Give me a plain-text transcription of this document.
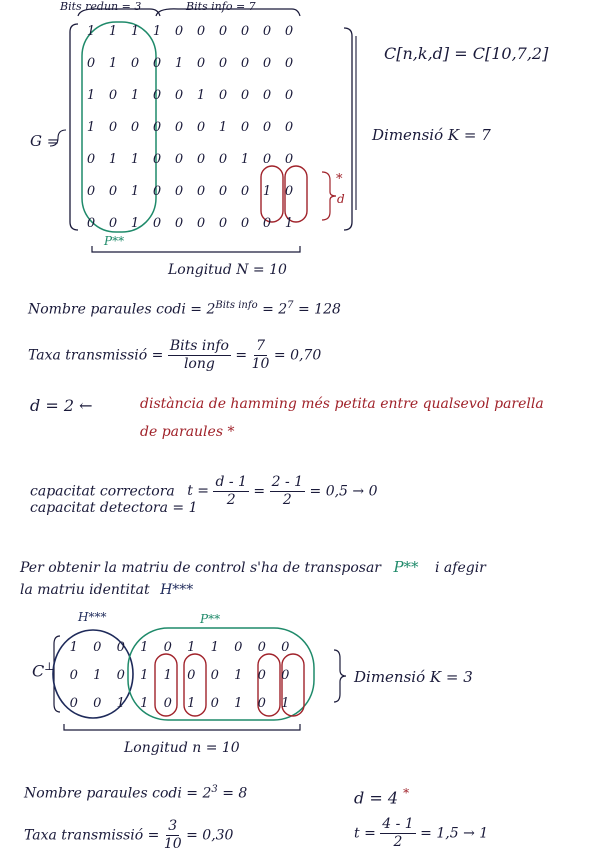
Bits redun = 3	Bits info = 7
G =
1 1 1 1 0 0 0 0 0 0
0 1 0 0 1 0 0 0 0 0
1 0 1 0 0 1 0 0 0 0
1 0 0 0 0 0 1 0 0 0
0 1 1 0 0 0 0 1 0 0
0 0 1 0 0 0 0 0 1 0
0 0 1 0 0 0 0 0 0 1
P**
*
d
C[n,k,d] = C[10,7,2]
Dimensió K = 7
Longitud N = 10
Nombre paraules codi = $2^{Bits info} = 2^7 = 128$
Taxa transmissió = $\frac{\text{Bits info}}{\text{long}} = \frac{7}{10} = 0,70$
d = 2 ←	distància de hamming més petita entre qualsevol parella
de paraules *
capacitat correctora $t = \frac{d - 1}{2} = \frac{2 - 1}{2} = 0,5 \to 0$
capacitat detectora = 1
Per obtenir la matriu de control s'ha de transposar P** i afegir
la matriu identitat H***
C⊥
H***	P**
1 0 0 1 0 1 1 0 0 0
0 1 0 1 1 0 0 1 0 0
0 0 1 1 0 1 0 1 0 1
Dimensió K = 3
Longitud n = 10
Nombre paraules codi = $2^3 = 8$	d = 4 *
Taxa transmissió = $\frac{3}{10} = 0,30$	$t = \frac{4 - 1}{2} = 1,5 \to 1$
